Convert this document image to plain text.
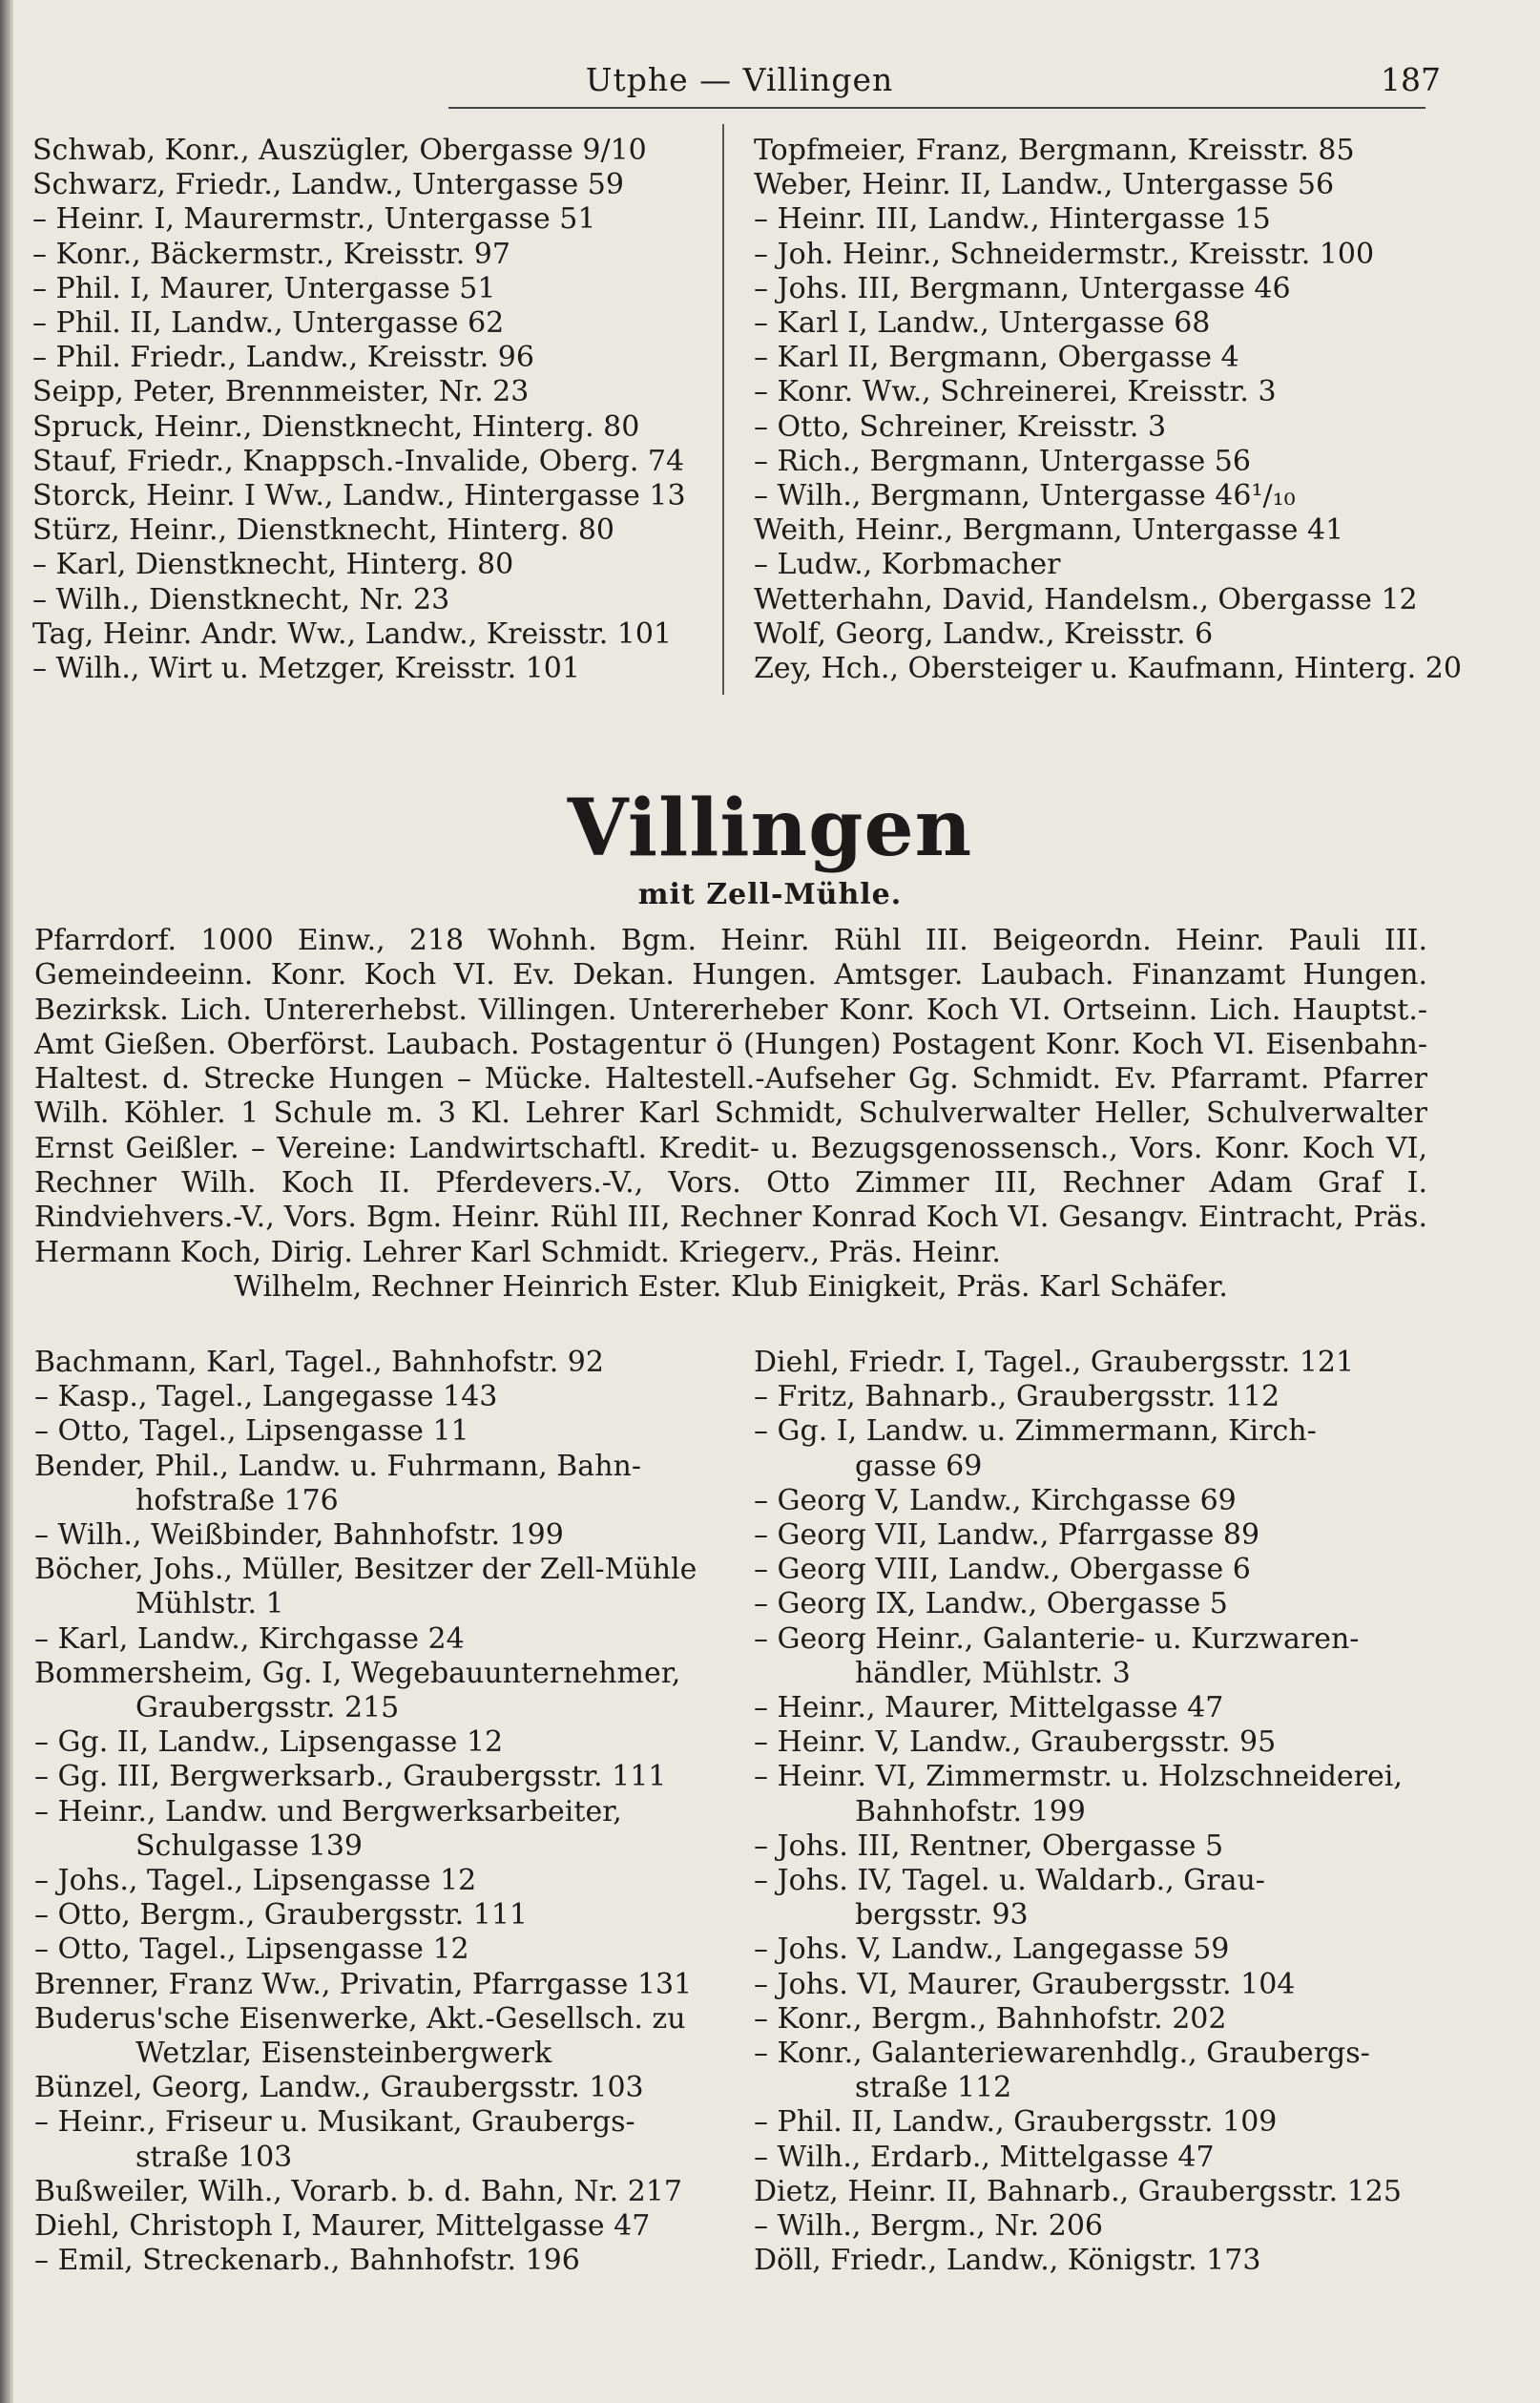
Utphe — Villingen	187
Schwab, Konr., Auszügler, Obergasse 9/10
Schwarz, Friedr., Landw., Untergasse 59
– Heinr. I, Maurermstr., Untergasse 51
– Konr., Bäckermstr., Kreisstr. 97
– Phil. I, Maurer, Untergasse 51
– Phil. II, Landw., Untergasse 62
– Phil. Friedr., Landw., Kreisstr. 96
Seipp, Peter, Brennmeister, Nr. 23
Spruck, Heinr., Dienstknecht, Hinterg. 80
Stauf, Friedr., Knappsch.-Invalide, Oberg. 74
Storck, Heinr. I Ww., Landw., Hintergasse 13
Stürz, Heinr., Dienstknecht, Hinterg. 80
– Karl, Dienstknecht, Hinterg. 80
– Wilh., Dienstknecht, Nr. 23
Tag, Heinr. Andr. Ww., Landw., Kreisstr. 101
– Wilh., Wirt u. Metzger, Kreisstr. 101
Topfmeier, Franz, Bergmann, Kreisstr. 85
Weber, Heinr. II, Landw., Untergasse 56
– Heinr. III, Landw., Hintergasse 15
– Joh. Heinr., Schneidermstr., Kreisstr. 100
– Johs. III, Bergmann, Untergasse 46
– Karl I, Landw., Untergasse 68
– Karl II, Bergmann, Obergasse 4
– Konr. Ww., Schreinerei, Kreisstr. 3
– Otto, Schreiner, Kreisstr. 3
– Rich., Bergmann, Untergasse 56
– Wilh., Bergmann, Untergasse 46¹/₁₀
Weith, Heinr., Bergmann, Untergasse 41
– Ludw., Korbmacher
Wetterhahn, David, Handelsm., Obergasse 12
Wolf, Georg, Landw., Kreisstr. 6
Zey, Hch., Obersteiger u. Kaufmann, Hinterg. 20
Villingen
mit Zell-Mühle.
Pfarrdorf. 1000 Einw., 218 Wohnh. Bgm. Heinr. Rühl III. Beigeordn. Heinr. Pauli III. Gemeindeeinn. Konr. Koch VI. Ev. Dekan. Hungen. Amtsger. Laubach. Finanzamt Hungen. Bezirksk. Lich. Untererhebst. Villingen. Untererheber Konr. Koch VI. Ortseinn. Lich. Hauptst.-Amt Gießen. Oberförst. Laubach. Postagentur ö (Hungen) Postagent Konr. Koch VI. Eisenbahn-Haltest. d. Strecke Hungen – Mücke. Haltestell.-Aufseher Gg. Schmidt. Ev. Pfarramt. Pfarrer Wilh. Köhler. 1 Schule m. 3 Kl. Lehrer Karl Schmidt, Schulverwalter Heller, Schulverwalter Ernst Geißler. – Vereine: Landwirtschaftl. Kredit- u. Bezugsgenossensch., Vors. Konr. Koch VI, Rechner Wilh. Koch II. Pferdevers.-V., Vors. Otto Zimmer III, Rechner Adam Graf I. Rindviehvers.-V., Vors. Bgm. Heinr. Rühl III, Rechner Konrad Koch VI. Gesangv. Eintracht, Präs. Hermann Koch, Dirig. Lehrer Karl Schmidt. Kriegerv., Präs. Heinr.
Wilhelm, Rechner Heinrich Ester. Klub Einigkeit, Präs. Karl Schäfer.
Bachmann, Karl, Tagel., Bahnhofstr. 92
– Kasp., Tagel., Langegasse 143
– Otto, Tagel., Lipsengasse 11
Bender, Phil., Landw. u. Fuhrmann, Bahn-
hofstraße 176
– Wilh., Weißbinder, Bahnhofstr. 199
Böcher, Johs., Müller, Besitzer der Zell-Mühle
Mühlstr. 1
– Karl, Landw., Kirchgasse 24
Bommersheim, Gg. I, Wegebauunternehmer,
Graubergsstr. 215
– Gg. II, Landw., Lipsengasse 12
– Gg. III, Bergwerksarb., Graubergsstr. 111
– Heinr., Landw. und Bergwerksarbeiter,
Schulgasse 139
– Johs., Tagel., Lipsengasse 12
– Otto, Bergm., Graubergsstr. 111
– Otto, Tagel., Lipsengasse 12
Brenner, Franz Ww., Privatin, Pfarrgasse 131
Buderus'sche Eisenwerke, Akt.-Gesellsch. zu
Wetzlar, Eisensteinbergwerk
Bünzel, Georg, Landw., Graubergsstr. 103
– Heinr., Friseur u. Musikant, Graubergs-
straße 103
Bußweiler, Wilh., Vorarb. b. d. Bahn, Nr. 217
Diehl, Christoph I, Maurer, Mittelgasse 47
– Emil, Streckenarb., Bahnhofstr. 196
Diehl, Friedr. I, Tagel., Graubergsstr. 121
– Fritz, Bahnarb., Graubergsstr. 112
– Gg. I, Landw. u. Zimmermann, Kirch-
gasse 69
– Georg V, Landw., Kirchgasse 69
– Georg VII, Landw., Pfarrgasse 89
– Georg VIII, Landw., Obergasse 6
– Georg IX, Landw., Obergasse 5
– Georg Heinr., Galanterie- u. Kurzwaren-
händler, Mühlstr. 3
– Heinr., Maurer, Mittelgasse 47
– Heinr. V, Landw., Graubergsstr. 95
– Heinr. VI, Zimmermstr. u. Holzschneiderei,
Bahnhofstr. 199
– Johs. III, Rentner, Obergasse 5
– Johs. IV, Tagel. u. Waldarb., Grau-
bergsstr. 93
– Johs. V, Landw., Langegasse 59
– Johs. VI, Maurer, Graubergsstr. 104
– Konr., Bergm., Bahnhofstr. 202
– Konr., Galanteriewarenhdlg., Graubergs-
straße 112
– Phil. II, Landw., Graubergsstr. 109
– Wilh., Erdarb., Mittelgasse 47
Dietz, Heinr. II, Bahnarb., Graubergsstr. 125
– Wilh., Bergm., Nr. 206
Döll, Friedr., Landw., Königstr. 173
